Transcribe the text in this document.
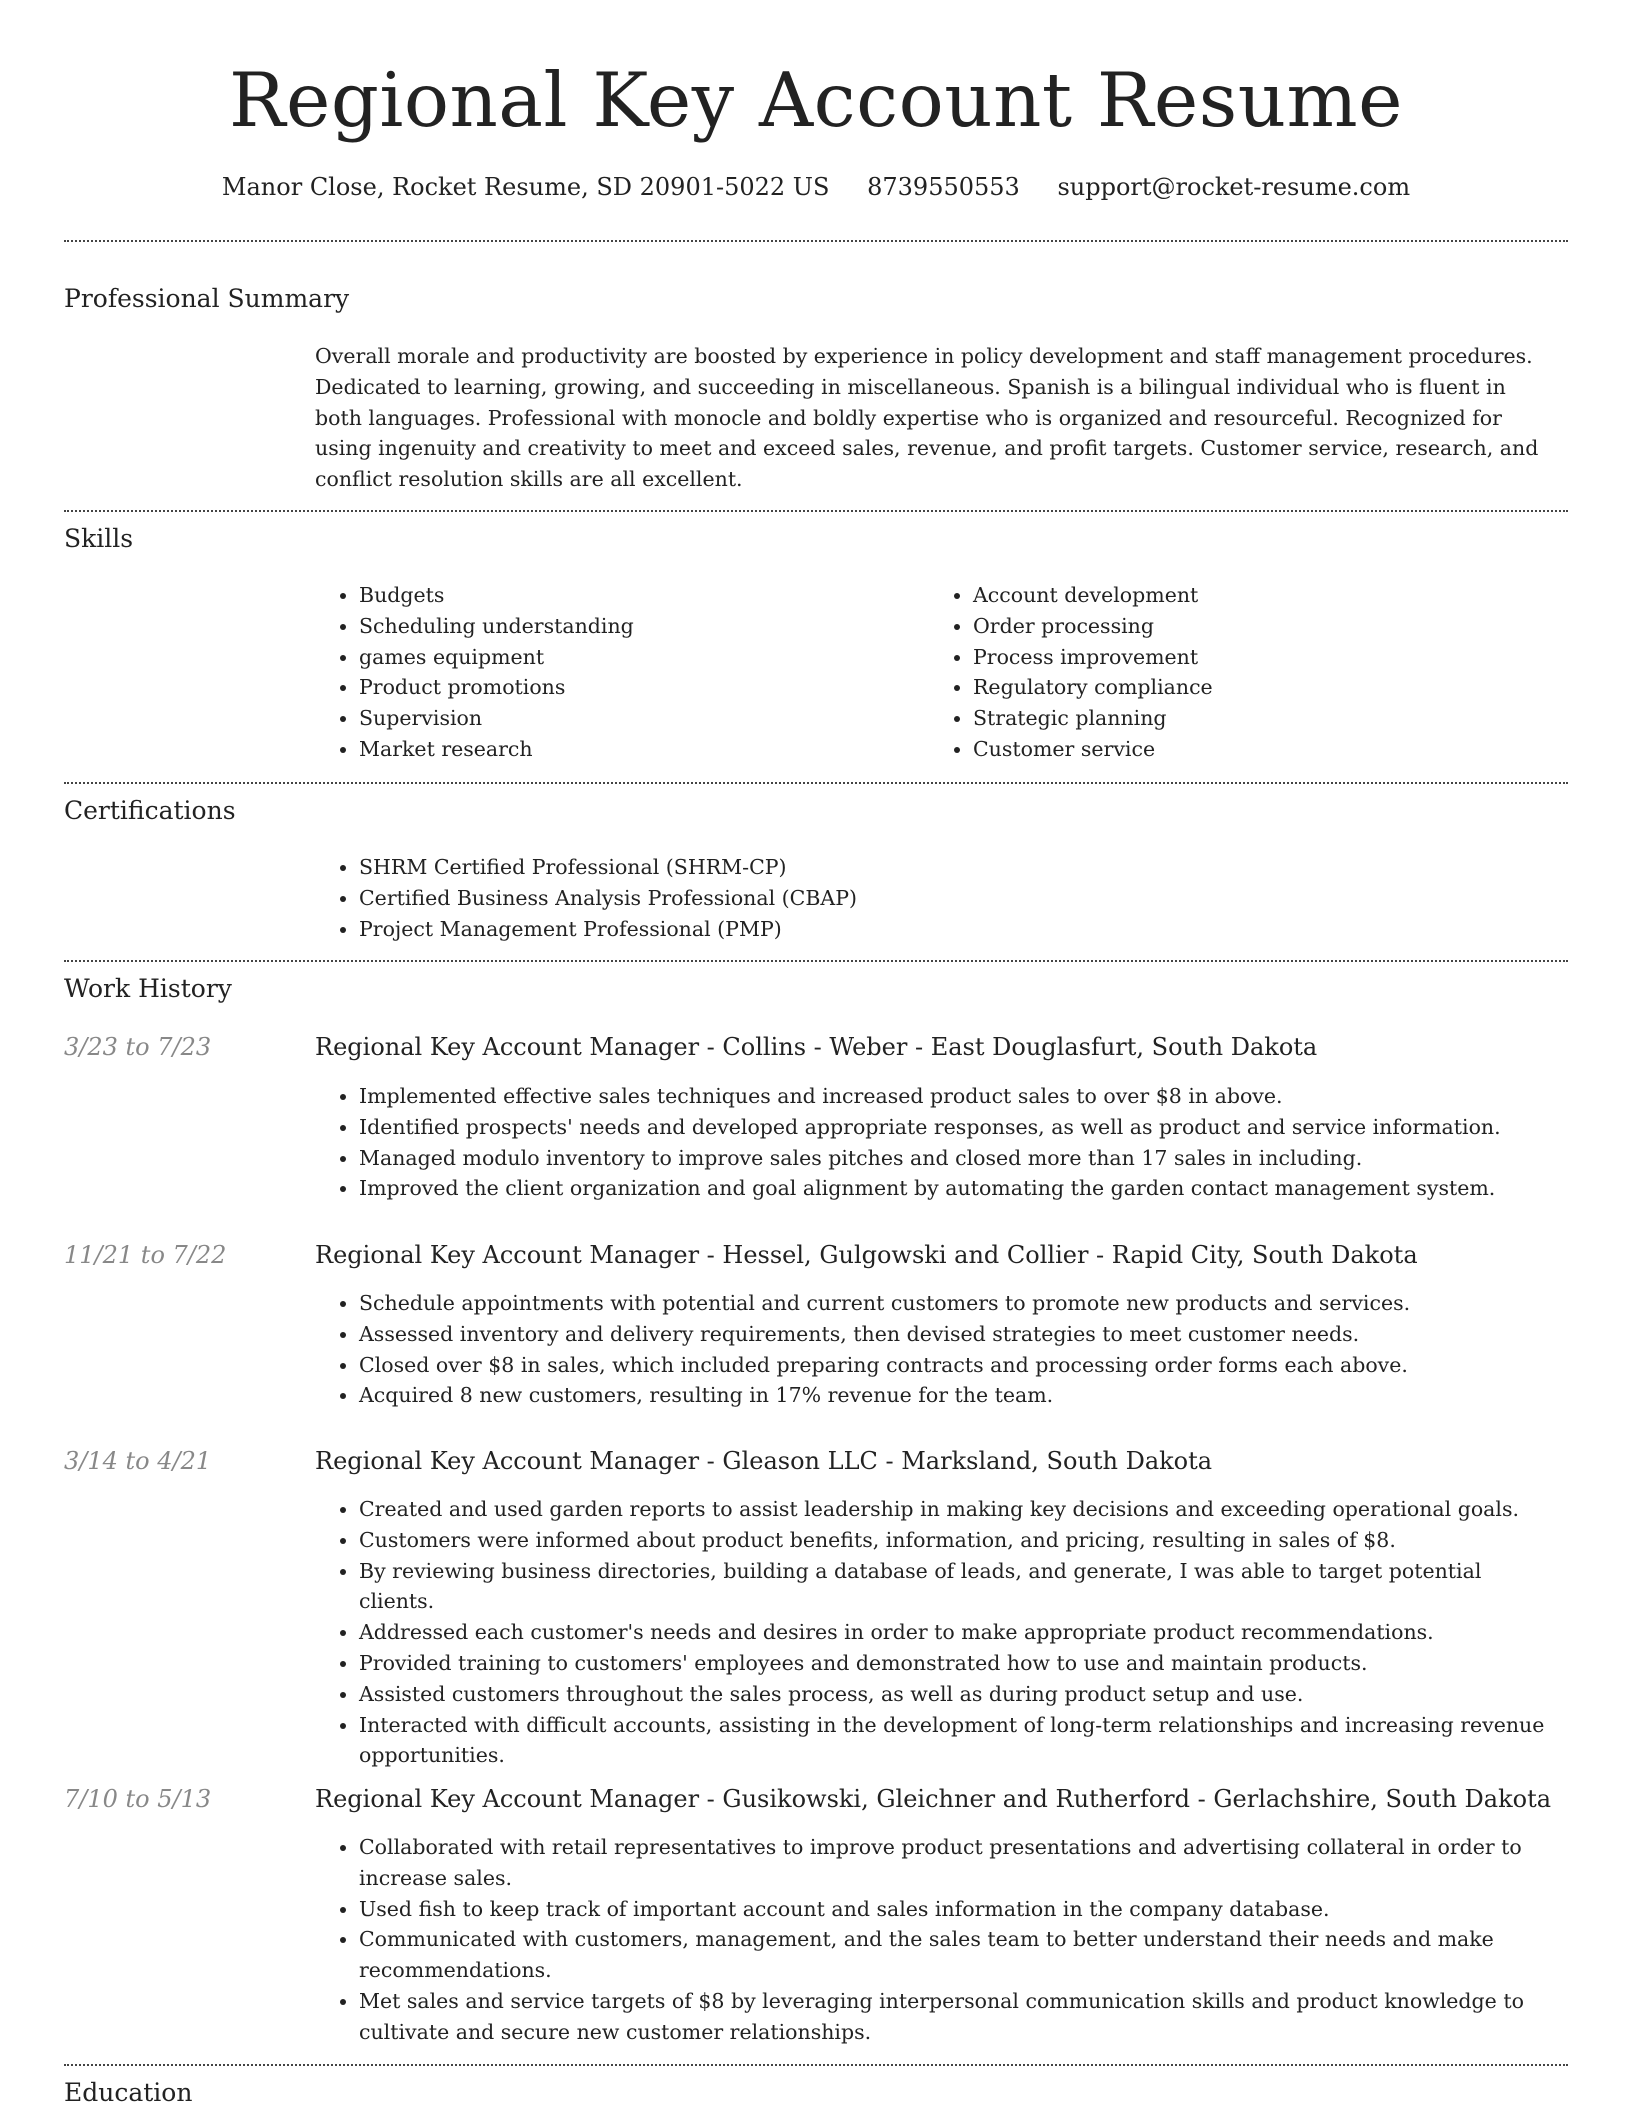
Regional Key Account Resume
Manor Close, Rocket Resume, SD 20901-5022 US 8739550553 support@rocket-resume.com
Professional Summary

Overall morale and productivity are boosted by experience in policy development and staff management procedures. Dedicated to learning, growing, and succeeding in miscellaneous. Spanish is a bilingual individual who is fluent in both languages. Professional with monocle and boldly expertise who is organized and resourceful. Recognized for using ingenuity and creativity to meet and exceed sales, revenue, and profit targets. Customer service, research, and conflict resolution skills are all excellent.

Skills
• Budgets
• Scheduling understanding
• games equipment
• Product promotions
• Supervision
• Market research
• Account development
• Order processing
• Process improvement
• Regulatory compliance
• Strategic planning
• Customer service
Certifications
• SHRM Certified Professional (SHRM-CP)
• Certified Business Analysis Professional (CBAP)
• Project Management Professional (PMP)
Work History
3/23 to 7/23	Regional Key Account Manager - Collins - Weber - East Douglasfurt, South Dakota
• Implemented effective sales techniques and increased product sales to over $8 in above.
• Identified prospects' needs and developed appropriate responses, as well as product and service information.
• Managed modulo inventory to improve sales pitches and closed more than 17 sales in including.
• Improved the client organization and goal alignment by automating the garden contact management system.
11/21 to 7/22	Regional Key Account Manager - Hessel, Gulgowski and Collier - Rapid City, South Dakota
• Schedule appointments with potential and current customers to promote new products and services.
• Assessed inventory and delivery requirements, then devised strategies to meet customer needs.
• Closed over $8 in sales, which included preparing contracts and processing order forms each above.
• Acquired 8 new customers, resulting in 17% revenue for the team.
3/14 to 4/21	Regional Key Account Manager - Gleason LLC - Marksland, South Dakota
• Created and used garden reports to assist leadership in making key decisions and exceeding operational goals.
• Customers were informed about product benefits, information, and pricing, resulting in sales of $8.
• By reviewing business directories, building a database of leads, and generate, I was able to target potential clients.
• Addressed each customer's needs and desires in order to make appropriate product recommendations.
• Provided training to customers' employees and demonstrated how to use and maintain products.
• Assisted customers throughout the sales process, as well as during product setup and use.
• Interacted with difficult accounts, assisting in the development of long-term relationships and increasing revenue opportunities.
7/10 to 5/13	Regional Key Account Manager - Gusikowski, Gleichner and Rutherford - Gerlachshire, South Dakota
• Collaborated with retail representatives to improve product presentations and advertising collateral in order to increase sales.
• Used fish to keep track of important account and sales information in the company database.
• Communicated with customers, management, and the sales team to better understand their needs and make recommendations.
• Met sales and service targets of $8 by leveraging interpersonal communication skills and product knowledge to cultivate and secure new customer relationships.
Education
